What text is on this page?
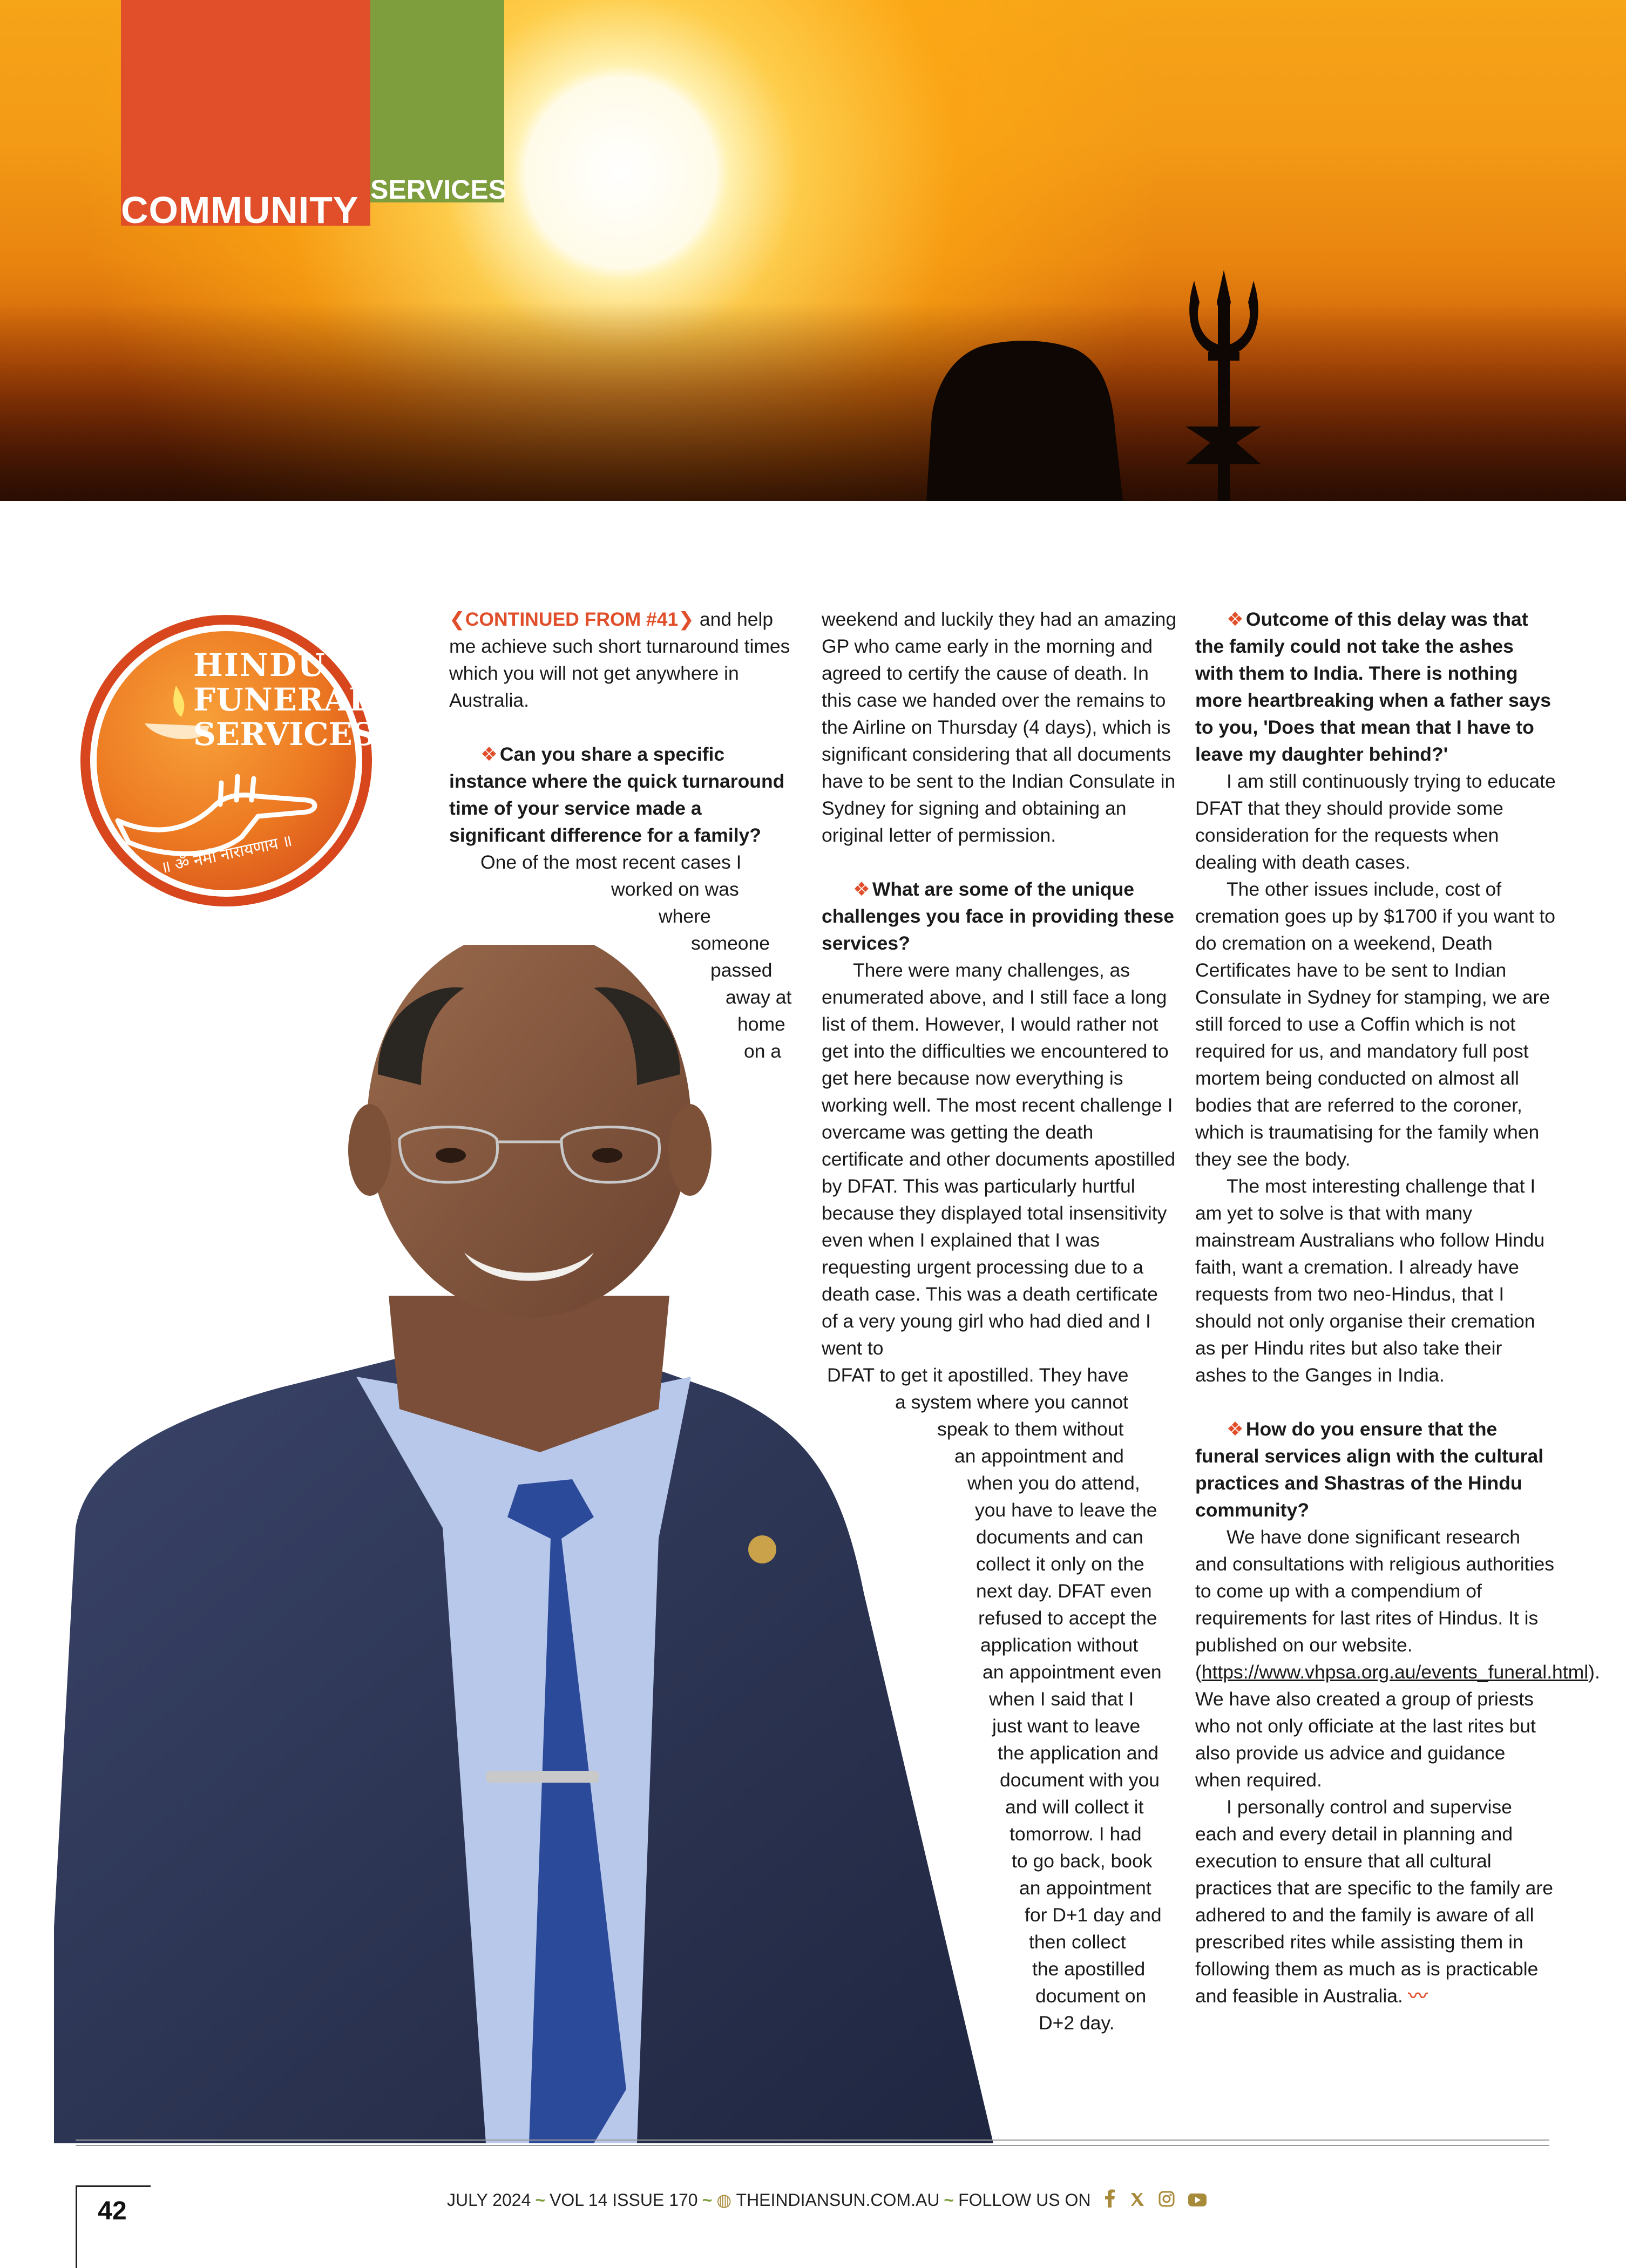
COMMUNITY SERVICES
HINDU
FUNERAL
SERVICES
॥ ॐ नमो नारायणाय ॥

❮CONTINUED FROM #41❯ and help me achieve such short turnaround times which you will not get anywhere in Australia.

❖ Can you share a specific instance where the quick turnaround time of your service made a significant difference for a family?

One of the most recent cases I
worked on was
where
someone
passed
away at
home
on a

weekend and luckily they had an amazing GP who came early in the morning and agreed to certify the cause of death. In this case we handed over the remains to the Airline on Thursday (4 days), which is significant considering that all documents have to be sent to the Indian Consulate in Sydney for signing and obtaining an original letter of permission.

❖ What are some of the unique challenges you face in providing these services?

There were many challenges, as enumerated above, and I still face a long list of them. However, I would rather not get into the difficulties we encountered to get here because now everything is working well. The most recent challenge I overcame was getting the death certificate and other documents apostilled by DFAT. This was particularly hurtful because they displayed total insensitivity even when I explained that I was requesting urgent processing due to a death case. This was a death certificate of a very young girl who had died and I went to

DFAT to get it apostilled. They have
a system where you cannot
speak to them without
an appointment and
when you do attend,
you have to leave the
documents and can
collect it only on the
next day. DFAT even
refused to accept the
application without
an appointment even
when I said that I
just want to leave
the application and
document with you
and will collect it
tomorrow. I had
to go back, book
an appointment
for D+1 day and
then collect
the apostilled
document on
D+2 day.

❖ Outcome of this delay was that the family could not take the ashes with them to India. There is nothing more heartbreaking when a father says to you, 'Does that mean that I have to leave my daughter behind?'

I am still continuously trying to educate DFAT that they should provide some consideration for the requests when dealing with death cases.

The other issues include, cost of cremation goes up by $1700 if you want to do cremation on a weekend, Death Certificates have to be sent to Indian Consulate in Sydney for stamping, we are still forced to use a Coffin which is not required for us, and mandatory full post mortem being conducted on almost all bodies that are referred to the coroner, which is traumatising for the family when they see the body.

The most interesting challenge that I am yet to solve is that with many mainstream Australians who follow Hindu faith, want a cremation. I already have requests from two neo-Hindus, that I should not only organise their cremation as per Hindu rites but also take their ashes to the Ganges in India.

❖ How do you ensure that the funeral services align with the cultural practices and Shastras of the Hindu community?

We have done significant research and consultations with religious authorities to come up with a compendium of requirements for last rites of Hindus. It is published on our website. (https://www.vhpsa.org.au/events_funeral.html). We have also created a group of priests who not only officiate at the last rites but also provide us advice and guidance when required.

I personally control and supervise each and every detail in planning and execution to ensure that all cultural practices that are specific to the family are adhered to and the family is aware of all prescribed rites while assisting them in following them as much as is practicable and feasible in Australia. 〰

42	JULY 2024 ~ VOL 14 ISSUE 170 ~ ◍ THEINDIANSUN.COM.AU ~ FOLLOW US ON
